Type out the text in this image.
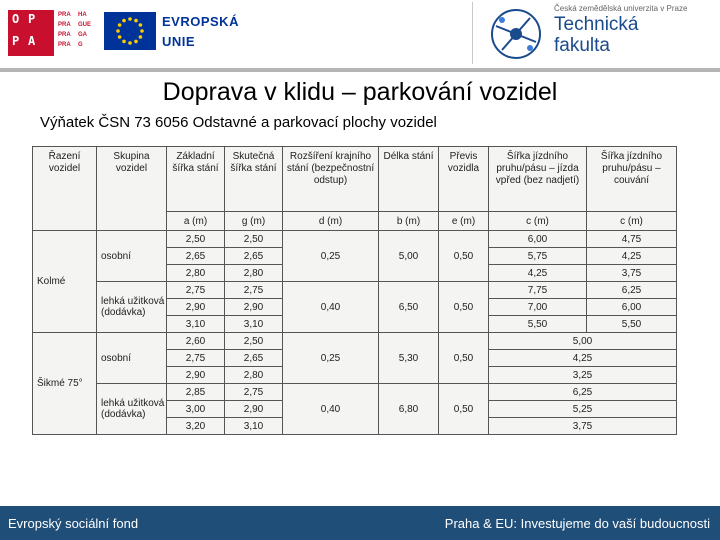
O P
P A
PRA HA
PRA GUE
PRA GA
PRA G
EVROPSKÁ
UNIE
Česká zemědělská univerzita v Praze
Technická
fakulta
Doprava v klidu – parkování vozidel
Výňatek ČSN 73 6056 Odstavné a parkovací plochy vozidel
Řazení vozidel	Skupina vozidel	Základní šířka stání	Skutečná šířka stání	Rozšíření krajního stání (bezpečnostní odstup)	Délka stání	Převis vozidla	Šířka jízdního pruhu/pásu – jízda vpřed (bez nadjetí)	Šířka jízdního pruhu/pásu – couvání
		a (m)	g (m)	d (m)	b (m)	e (m)	c (m)	c (m)
Kolmé	osobní	2,50	2,50	0,25	5,00	0,50	6,00	4,75
		2,65	2,65				5,75	4,25
		2,80	2,80				4,25	3,75
	lehká užitková (dodávka)	2,75	2,75	0,40	6,50	0,50	7,75	6,25
		2,90	2,90				7,00	6,00
		3,10	3,10				5,50	5,50
Šikmé 75°	osobní	2,60	2,50	0,25	5,30	0,50	5,00	
		2,75	2,65				4,25	
		2,90	2,80				3,25	
	lehká užitková (dodávka)	2,85	2,75	0,40	6,80	0,50	6,25	
		3,00	2,90				5,25	
		3,20	3,10				3,75	
Evropský sociální fond	Praha & EU: Investujeme do vaší budoucnosti
